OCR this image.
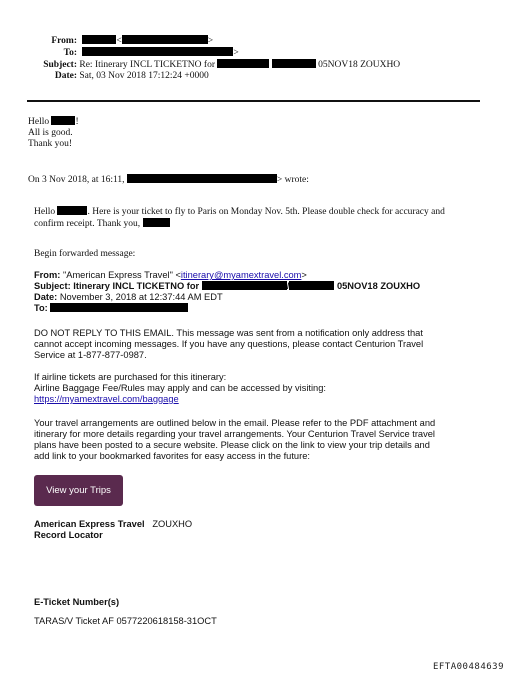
From:	<	>
To:	>
Subject: Re: Itinerary INCL TICKETNO for	05NOV18 ZOUXHO
Date: Sat, 03 Nov 2018 17:12:24 +0000
Hello	!
All is good.
Thank you!
On 3 Nov 2018, at 16:11,	> wrote:
Hello	. Here is your ticket to fly to Paris on Monday Nov. 5th. Please double check for accuracy and
confirm receipt. Thank you,
Begin forwarded message:
From: "American Express Travel" <itinerary@myamextravel.com>
Subject: Itinerary INCL TICKETNO for	/	05NOV18 ZOUXHO
Date: November 3, 2018 at 12:37:44 AM EDT
To:
DO NOT REPLY TO THIS EMAIL. This message was sent from a notification only address that
cannot accept incoming messages. If you have any questions, please contact Centurion Travel
Service at 1-877-877-0987.
If airline tickets are purchased for this itinerary:
Airline Baggage Fee/Rules may apply and can be accessed by visiting:
https://myamextravel.com/baggage
Your travel arrangements are outlined below in the email. Please refer to the PDF attachment and
itinerary for more details regarding your travel arrangements. Your Centurion Travel Service travel
plans have been posted to a secure website. Please click on the link to view your trip details and
add link to your bookmarked favorites for easy access in the future:
View your Trips
American Express Travel ZOUXHO
Record Locator
E-Ticket Number(s)
TARAS/V Ticket AF 0577220618158-31OCT
EFTA00484639
